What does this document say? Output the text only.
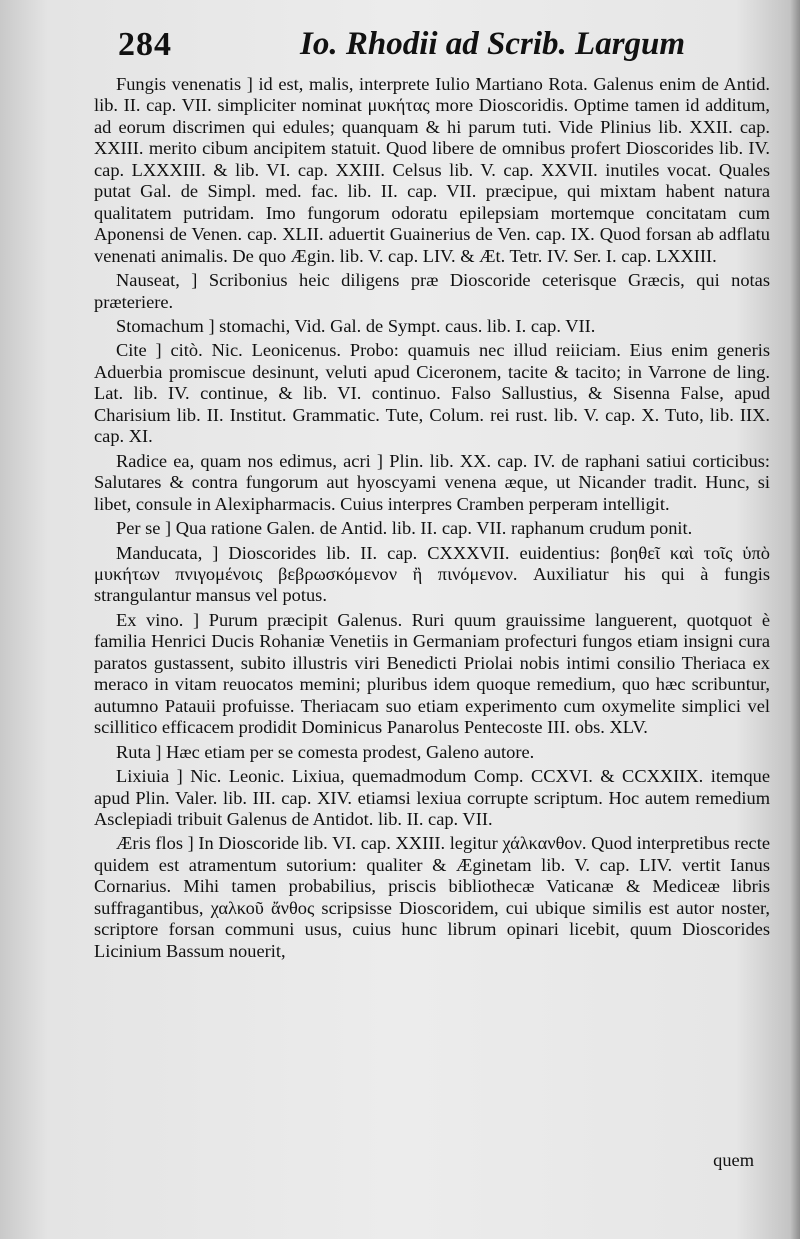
284	Io. Rhodii ad Scrib. Largum

Fungis venenatis ] id est, malis, interprete Iulio Martiano Rota. Galenus enim de Antid. lib. II. cap. VII. simpliciter nominat μυκήτας more Dioscoridis. Optime tamen id additum, ad eorum discrimen qui edules; quanquam & hi parum tuti. Vide Plinius lib. XXII. cap. XXIII. merito cibum ancipitem statuit. Quod libere de omnibus profert Dioscorides lib. IV. cap. LXXXIII. & lib. VI. cap. XXIII. Celsus lib. V. cap. XXVII. inutiles vocat. Quales putat Gal. de Simpl. med. fac. lib. II. cap. VII. præcipue, qui mixtam habent natura qualitatem putridam. Imo fungorum odoratu epilepsiam mortemque concitatam cum Aponensi de Venen. cap. XLII. aduertit Guainerius de Ven. cap. IX. Quod forsan ab adflatu venenati animalis. De quo Ægin. lib. V. cap. LIV. & Æt. Tetr. IV. Ser. I. cap. LXXIII.

Nauseat, ] Scribonius heic diligens præ Dioscoride ceterisque Græcis, qui notas præteriere.

Stomachum ] stomachi, Vid. Gal. de Sympt. caus. lib. I. cap. VII.

Cite ] citò. Nic. Leonicenus. Probo: quamuis nec illud reiiciam. Eius enim generis Aduerbia promiscue desinunt, veluti apud Ciceronem, tacite & tacito; in Varrone de ling. Lat. lib. IV. continue, & lib. VI. continuo. Falso Sallustius, & Sisenna False, apud Charisium lib. II. Institut. Grammatic. Tute, Colum. rei rust. lib. V. cap. X. Tuto, lib. IIX. cap. XI.

Radice ea, quam nos edimus, acri ] Plin. lib. XX. cap. IV. de raphani satiui corticibus: Salutares & contra fungorum aut hyoscyami venena æque, ut Nicander tradit. Hunc, si libet, consule in Alexipharmacis. Cuius interpres Cramben perperam intelligit.

Per se ] Qua ratione Galen. de Antid. lib. II. cap. VII. raphanum crudum ponit.

Manducata, ] Dioscorides lib. II. cap. CXXXVII. euidentius: βοηθεῖ καὶ τοῖς ὑπὸ μυκήτων πνιγομένοις βεβρωσκόμενον ἢ πινόμενον. Auxiliatur his qui à fungis strangulantur mansus vel potus.

Ex vino. ] Purum præcipit Galenus. Ruri quum grauissime languerent, quotquot è familia Henrici Ducis Rohaniæ Venetiis in Germaniam profecturi fungos etiam insigni cura paratos gustassent, subito illustris viri Benedicti Priolai nobis intimi consilio Theriaca ex meraco in vitam reuocatos memini; pluribus idem quoque remedium, quo hæc scribuntur, autumno Patauii profuisse. Theriacam suo etiam experimento cum oxymelite simplici vel scillitico efficacem prodidit Dominicus Panarolus Pentecoste III. obs. XLV.

Ruta ] Hæc etiam per se comesta prodest, Galeno autore.

Lixiuia ] Nic. Leonic. Lixiua, quemadmodum Comp. CCXVI. & CCXXIIX. itemque apud Plin. Valer. lib. III. cap. XIV. etiamsi lexiua corrupte scriptum. Hoc autem remedium Asclepiadi tribuit Galenus de Antidot. lib. II. cap. VII.

Æris flos ] In Dioscoride lib. VI. cap. XXIII. legitur χάλκανθον. Quod interpretibus recte quidem est atramentum sutorium: qualiter & Æginetam lib. V. cap. LIV. vertit Ianus Cornarius. Mihi tamen probabilius, priscis bibliothecæ Vaticanæ & Mediceæ libris suffragantibus, χαλκοῦ ἄνθος scripsisse Dioscoridem, cui ubique similis est autor noster, scriptore forsan communi usus, cuius hunc librum opinari licebit, quum Dioscorides Licinium Bassum nouerit,

quem
